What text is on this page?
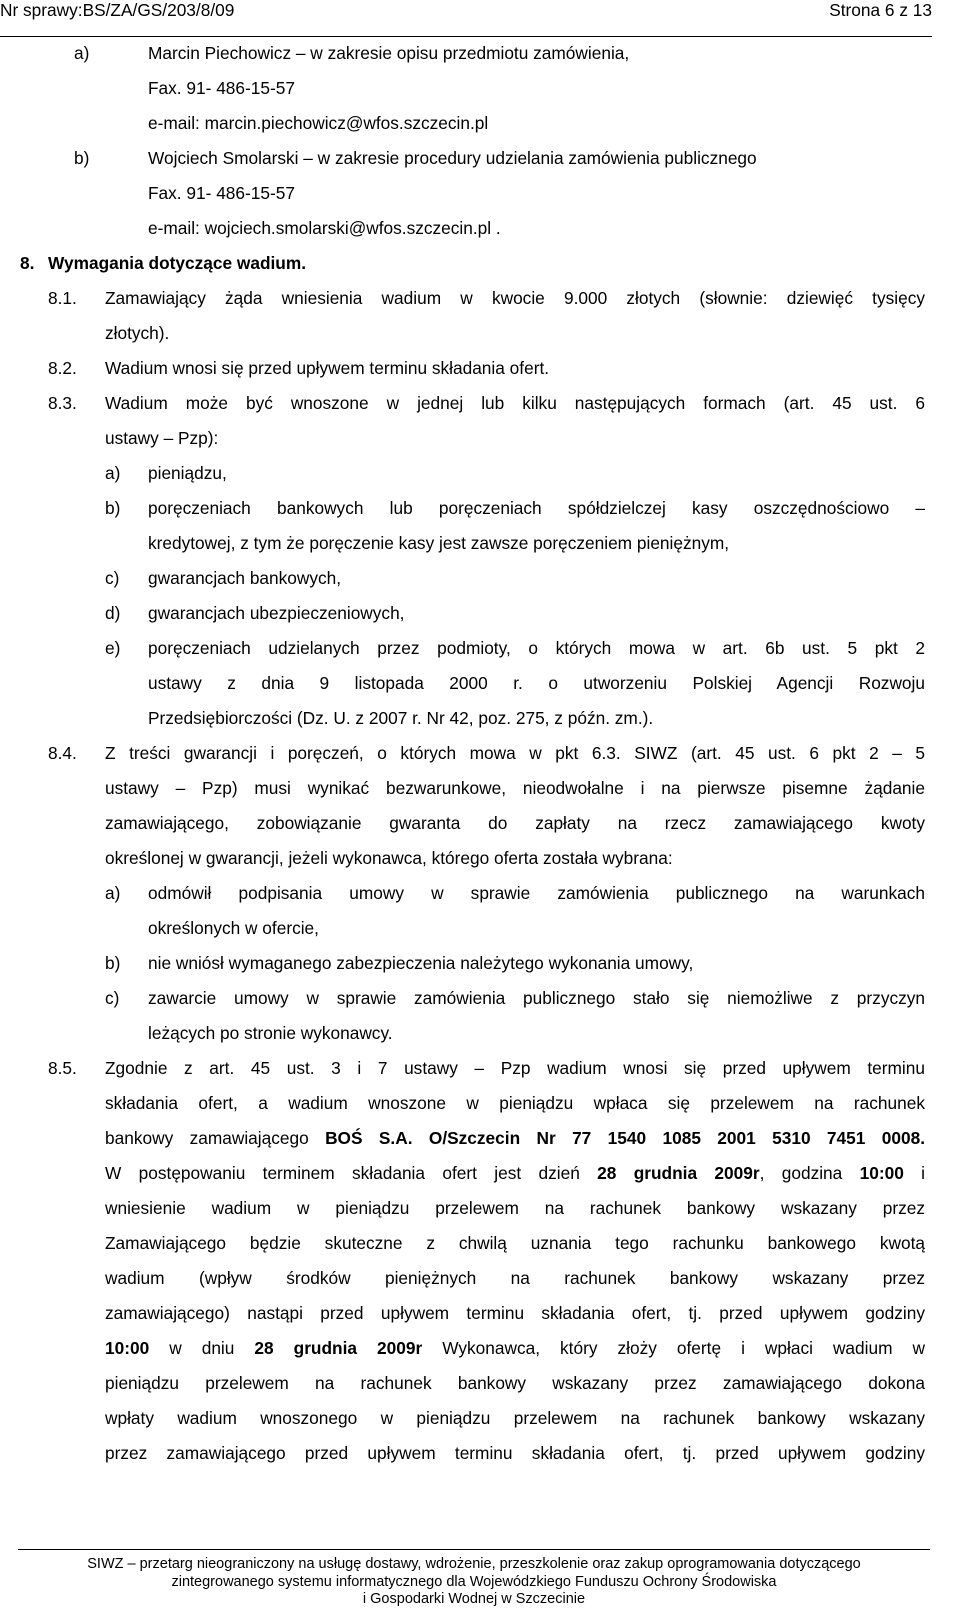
Nr sprawy:BS/ZA/GS/203/8/09	Strona 6 z 13
a)	Marcin Piechowicz – w zakresie opisu przedmiotu zamówienia,
Fax. 91- 486-15-57
e-mail: marcin.piechowicz@wfos.szczecin.pl
b)	Wojciech Smolarski – w zakresie procedury udzielania zamówienia publicznego
Fax. 91- 486-15-57
e-mail: wojciech.smolarski@wfos.szczecin.pl .
8. Wymagania dotyczące wadium.
8.1. Zamawiający żąda wniesienia wadium w kwocie 9.000 złotych (słownie: dziewięć tysięcy
złotych).
8.2. Wadium wnosi się przed upływem terminu składania ofert.
8.3. Wadium może być wnoszone w jednej lub kilku następujących formach (art. 45 ust. 6
ustawy – Pzp):
a) pieniądzu,
b) poręczeniach bankowych lub poręczeniach spółdzielczej kasy oszczędnościowo –
kredytowej, z tym że poręczenie kasy jest zawsze poręczeniem pieniężnym,
c) gwarancjach bankowych,
d) gwarancjach ubezpieczeniowych,
e) poręczeniach udzielanych przez podmioty, o których mowa w art. 6b ust. 5 pkt 2
ustawy z dnia 9 listopada 2000 r. o utworzeniu Polskiej Agencji Rozwoju
Przedsiębiorczości (Dz. U. z 2007 r. Nr 42, poz. 275, z późn. zm.).
8.4. Z treści gwarancji i poręczeń, o których mowa w pkt 6.3. SIWZ (art. 45 ust. 6 pkt 2 – 5
ustawy – Pzp) musi wynikać bezwarunkowe, nieodwołalne i na pierwsze pisemne żądanie
zamawiającego, zobowiązanie gwaranta do zapłaty na rzecz zamawiającego kwoty
określonej w gwarancji, jeżeli wykonawca, którego oferta została wybrana:
a) odmówił podpisania umowy w sprawie zamówienia publicznego na warunkach
określonych w ofercie,
b) nie wniósł wymaganego zabezpieczenia należytego wykonania umowy,
c) zawarcie umowy w sprawie zamówienia publicznego stało się niemożliwe z przyczyn
leżących po stronie wykonawcy.
8.5. Zgodnie z art. 45 ust. 3 i 7 ustawy – Pzp wadium wnosi się przed upływem terminu
składania ofert, a wadium wnoszone w pieniądzu wpłaca się przelewem na rachunek
bankowy zamawiającego BOŚ S.A. O/Szczecin Nr 77 1540 1085 2001 5310 7451 0008.
W postępowaniu terminem składania ofert jest dzień 28 grudnia 2009r, godzina 10:00 i
wniesienie wadium w pieniądzu przelewem na rachunek bankowy wskazany przez
Zamawiającego będzie skuteczne z chwilą uznania tego rachunku bankowego kwotą
wadium (wpływ środków pieniężnych na rachunek bankowy wskazany przez
zamawiającego) nastąpi przed upływem terminu składania ofert, tj. przed upływem godziny
10:00 w dniu 28 grudnia 2009r Wykonawca, który złoży ofertę i wpłaci wadium w
pieniądzu przelewem na rachunek bankowy wskazany przez zamawiającego dokona
wpłaty wadium wnoszonego w pieniądzu przelewem na rachunek bankowy wskazany
przez zamawiającego przed upływem terminu składania ofert, tj. przed upływem godziny
SIWZ – przetarg nieograniczony na usługę dostawy, wdrożenie, przeszkolenie oraz zakup oprogramowania dotyczącego
zintegrowanego systemu informatycznego dla Wojewódzkiego Funduszu Ochrony Środowiska
i Gospodarki Wodnej w Szczecinie
